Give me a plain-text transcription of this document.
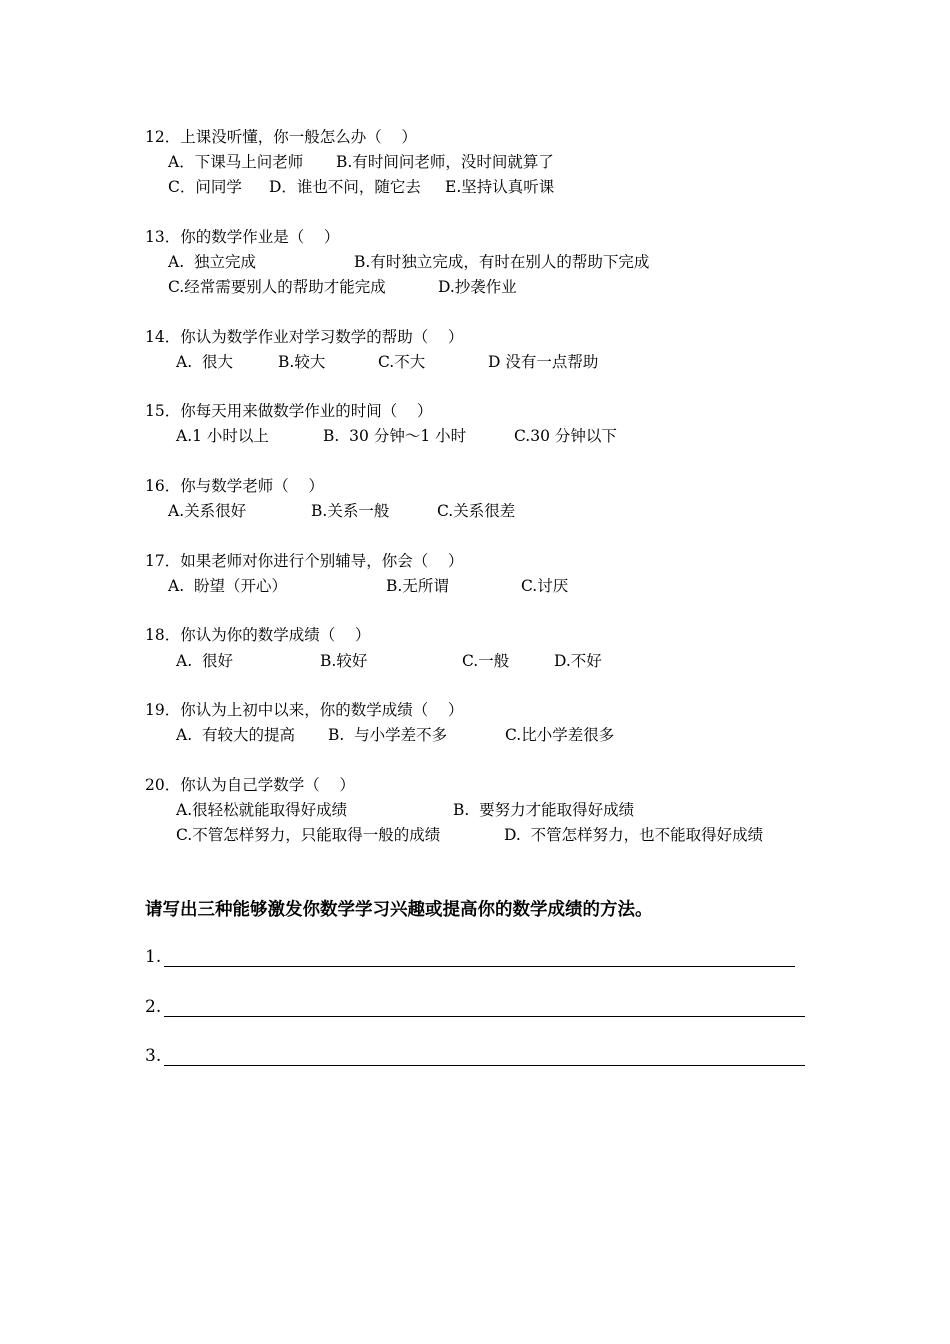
12．上课没听懂，你一般怎么办（    ）
A．下课马上问老师 B.有时间问老师，没时间就算了
C．问同学 D．谁也不问，随它去 E.坚持认真听课
13．你的数学作业是（    ）
A.  独立完成	B.有时独立完成，有时在别人的帮助下完成
C.经常需要别人的帮助才能完成	D.抄袭作业
14．你认为数学作业对学习数学的帮助（    ）
A.  很大	B.较大	C.不大	D 没有一点帮助
15．你每天用来做数学作业的时间（    ）
A.1 小时以上	B.  30 分钟～1 小时	C.30 分钟以下
16．你与数学老师（    ）
A.关系很好	B.关系一般	C.关系很差
17．如果老师对你进行个别辅导，你会（    ）
A.  盼望（开心）	B.无所谓	C.讨厌
18．你认为你的数学成绩（    ）
A.  很好	B.较好	C.一般	D.不好
19．你认为上初中以来，你的数学成绩（    ）
A.  有较大的提高 B.  与小学差不多	C.比小学差很多
20．你认为自己学数学（    ）
A.很轻松就能取得好成绩	B.  要努力才能取得好成绩
C.不管怎样努力，只能取得一般的成绩	D.  不管怎样努力，也不能取得好成绩
请写出三种能够激发你数学学习兴趣或提高你的数学成绩的方法。
1.
2.
3.
